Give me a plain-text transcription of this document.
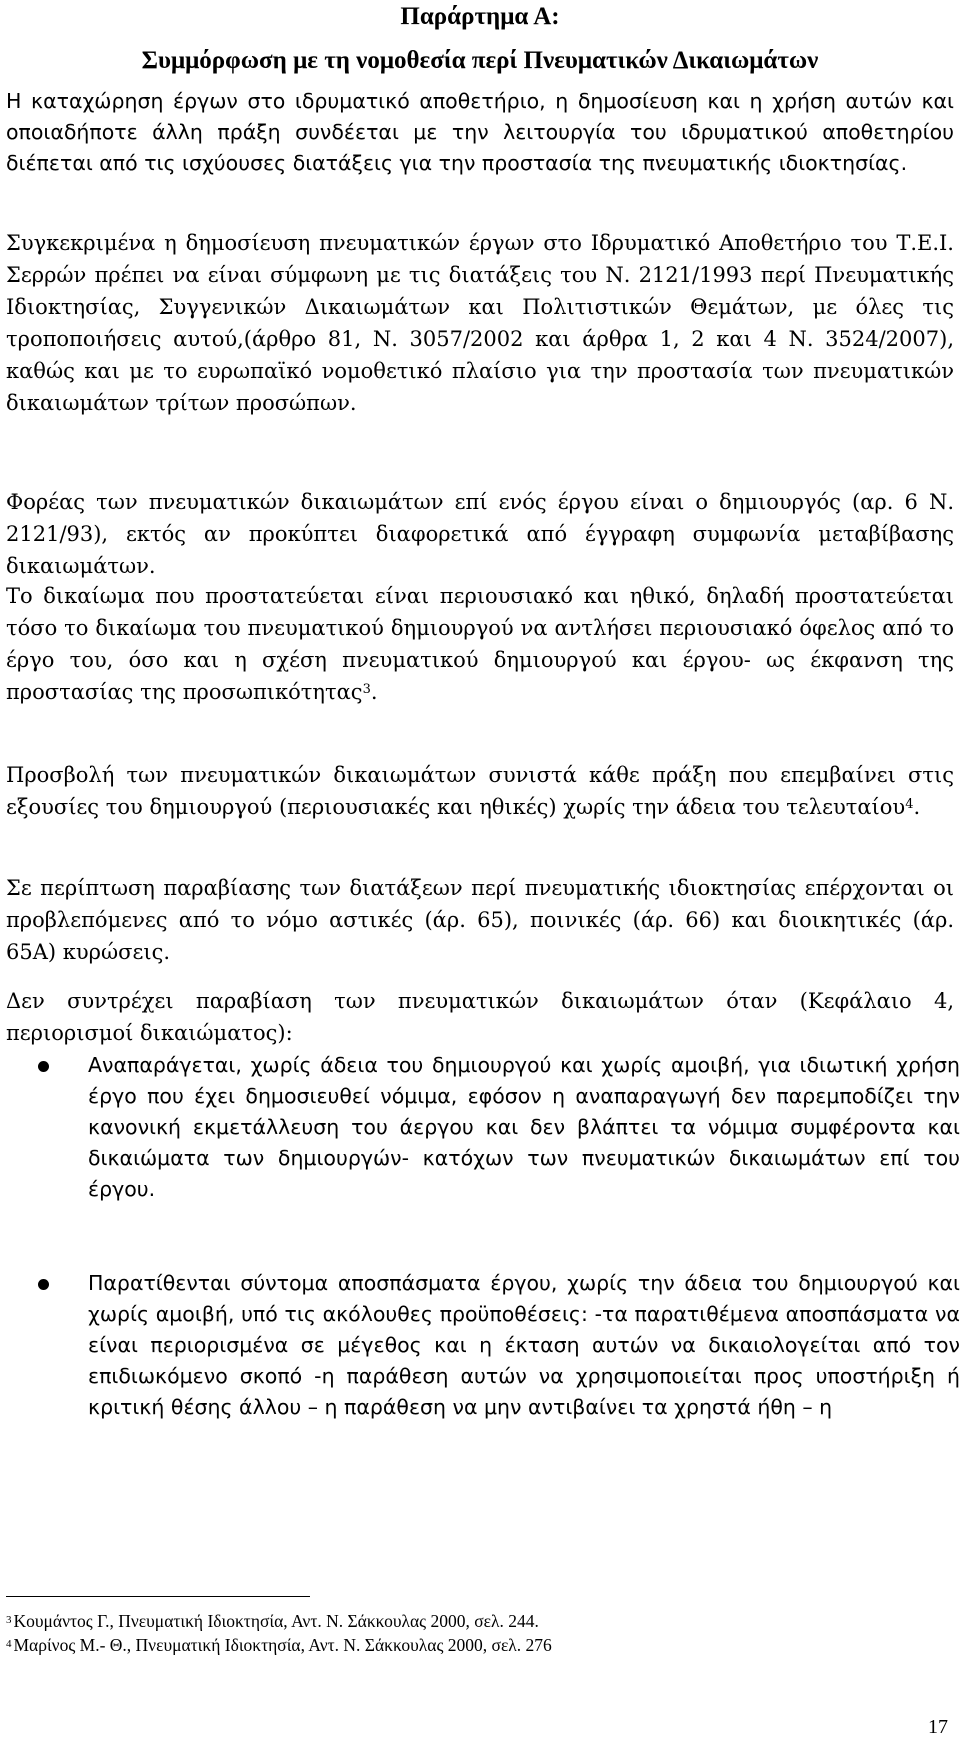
Παράρτημα Α:
Συμμόρφωση με τη νομοθεσία περί Πνευματικών Δικαιωμάτων
Η καταχώρηση έργων στο ιδρυματικό αποθετήριο, η δημοσίευση και η χρήση αυτών και οποιαδήποτε άλλη πράξη συνδέεται με την λειτουργία του ιδρυματικού αποθετηρίου διέπεται από τις ισχύουσες διατάξεις για την προστασία της πνευματικής ιδιοκτησίας.
Συγκεκριμένα η δημοσίευση πνευματικών έργων στο Ιδρυματικό Αποθετήριο του Τ.Ε.Ι. Σερρών πρέπει να είναι σύμφωνη με τις διατάξεις του Ν. 2121/1993 περί Πνευματικής Ιδιοκτησίας, Συγγενικών Δικαιωμάτων και Πολιτιστικών Θεμάτων, με όλες τις τροποποιήσεις αυτού,(άρθρο 81, Ν. 3057/2002 και άρθρα 1, 2 και 4 Ν. 3524/2007), καθώς και με το ευρωπαϊκό νομοθετικό πλαίσιο για την προστασία των πνευματικών δικαιωμάτων τρίτων προσώπων.
Φορέας των πνευματικών δικαιωμάτων επί ενός έργου είναι ο δημιουργός (αρ. 6 Ν. 2121/93), εκτός αν προκύπτει διαφορετικά από έγγραφη συμφωνία μεταβίβασης δικαιωμάτων.
Το δικαίωμα που προστατεύεται είναι περιουσιακό και ηθικό, δηλαδή προστατεύεται τόσο το δικαίωμα του πνευματικού δημιουργού να αντλήσει περιουσιακό όφελος από το έργο του, όσο και η σχέση πνευματικού δημιουργού και έργου- ως έκφανση της προστασίας της προσωπικότητας$^3$.
Προσβολή των πνευματικών δικαιωμάτων συνιστά κάθε πράξη που επεμβαίνει στις εξουσίες του δημιουργού (περιουσιακές και ηθικές) χωρίς την άδεια του τελευταίου$^4$.
Σε περίπτωση παραβίασης των διατάξεων περί πνευματικής ιδιοκτησίας επέρχονται οι προβλεπόμενες από το νόμο αστικές (άρ. 65), ποινικές (άρ. 66) και διοικητικές (άρ. 65Α) κυρώσεις.
Δεν συντρέχει παραβίαση των πνευματικών δικαιωμάτων όταν (Κεφάλαιο 4, περιορισμοί δικαιώματος):
Αναπαράγεται, χωρίς άδεια του δημιουργού και χωρίς αμοιβή, για ιδιωτική χρήση έργο που έχει δημοσιευθεί νόμιμα, εφόσον η αναπαραγωγή δεν παρεμποδίζει την κανονική εκμετάλλευση του άεργου και δεν βλάπτει τα νόμιμα συμφέροντα και δικαιώματα των δημιουργών- κατόχων των πνευματικών δικαιωμάτων επί του έργου.
Παρατίθενται σύντομα αποσπάσματα έργου, χωρίς την άδεια του δημιουργού και χωρίς αμοιβή, υπό τις ακόλουθες προϋποθέσεις: -τα παρατιθέμενα αποσπάσματα να είναι περιορισμένα σε μέγεθος και η έκταση αυτών να δικαιολογείται από τον επιδιωκόμενο σκοπό -η παράθεση αυτών να χρησιμοποιείται προς υποστήριξη ή κριτική θέσης άλλου – η παράθεση να μην αντιβαίνει τα χρηστά ήθη – η
$^3$ Κουμάντος Γ., Πνευματική Ιδιοκτησία, Αντ. Ν. Σάκκουλας 2000, σελ. 244.
$^4$ Μαρίνος Μ.- Θ., Πνευματική Ιδιοκτησία, Αντ. Ν. Σάκκουλας 2000, σελ. 276
17
